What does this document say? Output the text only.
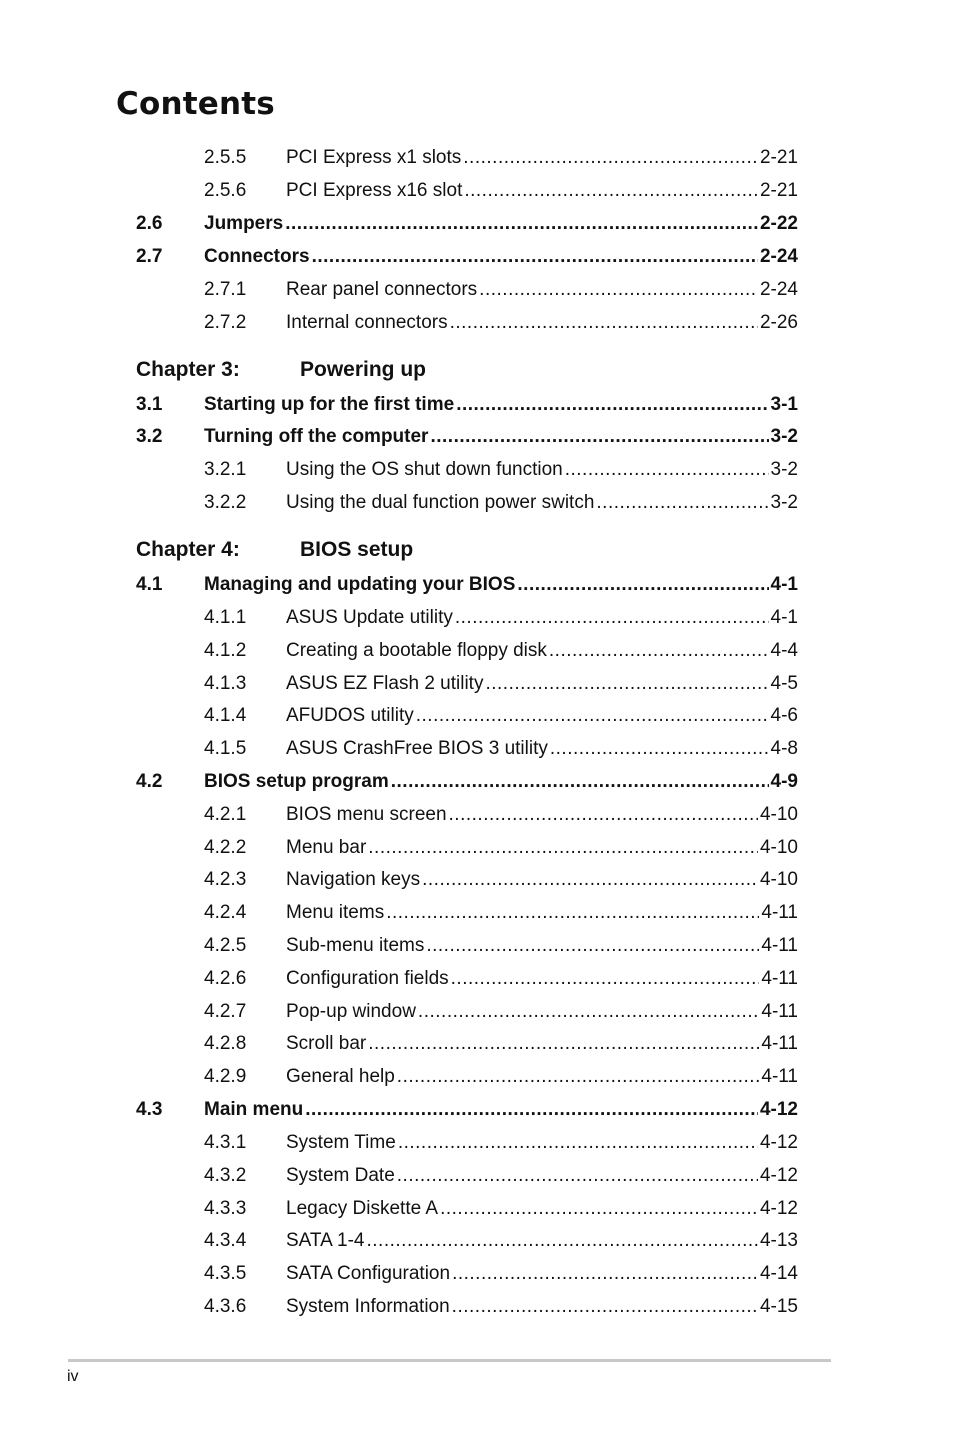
Contents
2.5.5	PCI Express x1 slots .....	2-21
2.5.6	PCI Express x16 slot .....	2-21
2.6	Jumpers .....	2-22
2.7	Connectors .....	2-24
2.7.1	Rear panel connectors .....	2-24
2.7.2	Internal connectors .....	2-26
Chapter 3:	Powering up
3.1	Starting up for the first time .....	3-1
3.2	Turning off the computer .....	3-2
3.2.1	Using the OS shut down function .....	3-2
3.2.2	Using the dual function power switch .....	3-2
Chapter 4:	BIOS setup
4.1	Managing and updating your BIOS .....	4-1
4.1.1	ASUS Update utility .....	4-1
4.1.2	Creating a bootable floppy disk .....	4-4
4.1.3	ASUS EZ Flash 2 utility .....	4-5
4.1.4	AFUDOS utility .....	4-6
4.1.5	ASUS CrashFree BIOS 3 utility .....	4-8
4.2	BIOS setup program .....	4-9
4.2.1	BIOS menu screen .....	4-10
4.2.2	Menu bar .....	4-10
4.2.3	Navigation keys .....	4-10
4.2.4	Menu items .....	4-11
4.2.5	Sub-menu items .....	4-11
4.2.6	Configuration fields .....	4-11
4.2.7	Pop-up window .....	4-11
4.2.8	Scroll bar .....	4-11
4.2.9	General help .....	4-11
4.3	Main menu .....	4-12
4.3.1	System Time .....	4-12
4.3.2	System Date .....	4-12
4.3.3	Legacy Diskette A .....	4-12
4.3.4	SATA 1-4 .....	4-13
4.3.5	SATA Configuration .....	4-14
4.3.6	System Information .....	4-15
iv
